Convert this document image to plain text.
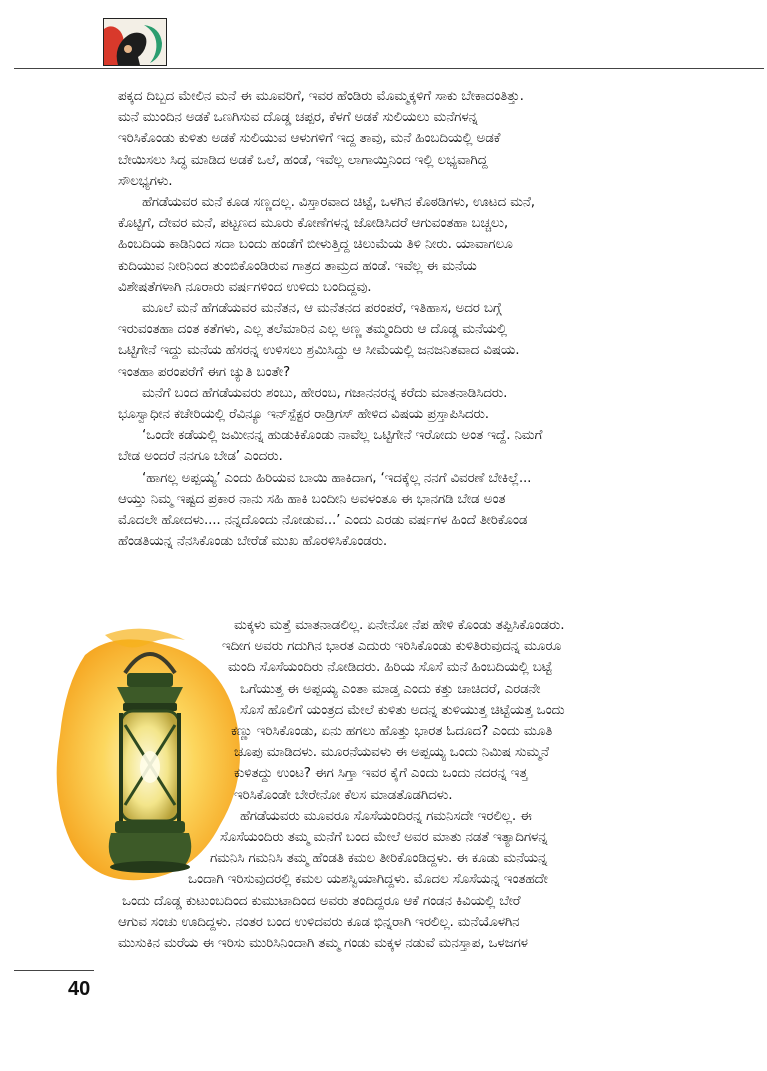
ಪಕ್ಕದ ದಿಬ್ಬದ ಮೇಲಿನ ಮನೆ ಈ ಮೂವರಿಗೆ, ಇವರ ಹೆಂಡಿರು ಮೊಮ್ಮಕ್ಕಳಿಗೆ ಸಾಕು ಬೇಕಾದಂತಿತ್ತು.
ಮನೆ ಮುಂದಿನ ಅಡಕೆ ಒಣಗಿಸುವ ದೊಡ್ಡ ಚಪ್ಪರ, ಕೆಳಗೆ ಅಡಕೆ ಸುಲಿಯಲು ಮನೆಗಳನ್ನ
ಇರಿಸಿಕೊಂಡು ಕುಳಿತು ಅಡಕೆ ಸುಲಿಯುವ ಆಳುಗಳಿಗೆ ಇದ್ದ ತಾವು, ಮನೆ ಹಿಂಬದಿಯಲ್ಲಿ ಅಡಕೆ
ಬೇಯಿಸಲು ಸಿದ್ಧ ಮಾಡಿದ ಅಡಕೆ ಒಲೆ, ಹಂಡೆ, ಇವೆಲ್ಲ ಲಾಗಾಯ್ತಿನಿಂದ ಇಲ್ಲಿ ಲಭ್ಯವಾಗಿದ್ದ
ಸೌಲಭ್ಯಗಳು.
ಹೆಗಡೆಯವರ ಮನೆ ಕೂಡ ಸಣ್ಣದಲ್ಲ. ವಿಸ್ತಾರವಾದ ಚಿಟ್ಟೆ, ಒಳಗಿನ ಕೊಠಡಿಗಳು, ಊಟದ ಮನೆ,
ಕೊಟ್ಟಿಗೆ, ದೇವರ ಮನೆ, ಪಟ್ಟಣದ ಮೂರು ಕೋಣೆಗಳನ್ನ ಜೋಡಿಸಿದರೆ ಆಗುವಂತಹಾ ಬಚ್ಚಲು,
ಹಿಂಬದಿಯ ಕಾಡಿನಿಂದ ಸದಾ ಬಂದು ಹಂಡೆಗೆ ಬೀಳುತ್ತಿದ್ದ ಚಿಲುಮೆಯ ತಿಳಿ ನೀರು. ಯಾವಾಗಲೂ
ಕುದಿಯುವ ನೀರಿನಿಂದ ತುಂಬಿಕೊಂಡಿರುವ ಗಾತ್ರದ ತಾಮ್ರದ ಹಂಡೆ. ಇವೆಲ್ಲ ಈ ಮನೆಯ
ವಿಶೇಷತೆಗಳಾಗಿ ನೂರಾರು ವರ್ಷಗಳಿಂದ ಉಳಿದು ಬಂದಿದ್ದವು.
ಮೂಲೆ ಮನೆ ಹೆಗಡೆಯವರ ಮನೆತನ, ಆ ಮನೆತನದ ಪರಂಪರೆ, ಇತಿಹಾಸ, ಅದರ ಬಗ್ಗೆ
ಇರುವಂತಹಾ ದಂತ ಕತೆಗಳು, ಎಲ್ಲ ತಲೆಮಾರಿನ ಎಲ್ಲ ಅಣ್ಣ ತಮ್ಮಂದಿರು ಆ ದೊಡ್ಡ ಮನೆಯಲ್ಲಿ
ಒಟ್ಟಿಗೇನೆ ಇದ್ದು ಮನೆಯ ಹೆಸರನ್ನ ಉಳಿಸಲು ಶ್ರಮಿಸಿದ್ದು ಆ ಸೀಮೆಯಲ್ಲಿ ಜನಜನಿತವಾದ ವಿಷಯ.
ಇಂತಹಾ ಪರಂಪರೆಗೆ ಈಗ ಚ್ಯುತಿ ಬಂತೇ?
ಮನೆಗೆ ಬಂದ ಹೆಗಡೆಯವರು ಶಂಬು, ಹೇರಂಬ, ಗಜಾನನರನ್ನ ಕರೆದು ಮಾತನಾಡಿಸಿದರು.
ಭೂಸ್ವಾಧೀನ ಕಚೇರಿಯಲ್ಲಿ ರೆವಿನ್ಯೂ ಇನ್‌ಸ್ಪೆಕ್ಟರ ರಾಡ್ರಿಗಸ್ ಹೇಳಿದ ವಿಷಯ ಪ್ರಸ್ತಾಪಿಸಿದರು.
‘ಒಂದೇ ಕಡೆಯಲ್ಲಿ ಜಮೀನನ್ನ ಹುಡುಕಿಕೊಂಡು ನಾವೆಲ್ಲ ಒಟ್ಟಿಗೇನೆ ಇರೋದು ಅಂತ ಇದ್ದೆ. ನಿಮಗೆ
ಬೇಡ ಅಂದರೆ ನನಗೂ ಬೇಡ’ ಎಂದರು.
‘ಹಾಗಲ್ಲ ಅಪ್ಪಯ್ಯ’ ಎಂದು ಹಿರಿಯವ ಬಾಯಿ ಹಾಕಿದಾಗ, ‘ಇದಕ್ಕೆಲ್ಲ ನನಗೆ ವಿವರಣೆ ಬೇಕಿಲ್ಲೆ...
ಆಯ್ತು ನಿಮ್ಮ ಇಷ್ಟದ ಪ್ರಕಾರ ನಾನು ಸಹಿ ಹಾಕಿ ಬಂದೀನಿ ಅವಳಂತೂ ಈ ಭಾನಗಡಿ ಬೇಡ ಅಂತ
ಮೊದಲೇ ಹೋದಳು.... ನನ್ನದೊಂದು ನೋಡುವ...’ ಎಂದು ಎರಡು ವರ್ಷಗಳ ಹಿಂದೆ ತೀರಿಕೊಂಡ
ಹೆಂಡತಿಯನ್ನ ನೆನಸಿಕೊಂಡು ಬೇರೆಡೆ ಮುಖ ಹೊರಳಿಸಿಕೊಂಡರು.
ಮಕ್ಕಳು ಮತ್ತೆ ಮಾತನಾಡಲಿಲ್ಲ. ಏನೇನೋ ನೆಪ ಹೇಳಿ ಕೊಂಡು ತಪ್ಪಿಸಿಕೊಂಡರು.
ಇದೀಗ ಅವರು ಗದುಗಿನ ಭಾರತ ಎದುರು ಇರಿಸಿಕೊಂಡು ಕುಳಿತಿರುವುದನ್ನ ಮೂರೂ
ಮಂದಿ ಸೊಸೆಯಂದಿರು ನೋಡಿದರು. ಹಿರಿಯ ಸೊಸೆ ಮನೆ ಹಿಂಬದಿಯಲ್ಲಿ ಬಟ್ಟೆ
ಒಗೆಯುತ್ತ ಈ ಅಪ್ಪಯ್ಯ ಎಂತಾ ಮಾಡ್ತ ಎಂದು ಕತ್ತು ಚಾಚಿದರೆ, ಎರಡನೇ
ಸೊಸೆ ಹೊಲಿಗೆ ಯಂತ್ರದ ಮೇಲೆ ಕುಳಿತು ಅದನ್ನ ತುಳಿಯುತ್ತ ಚಿಟ್ಟೆಯತ್ತ ಒಂದು
ಕಣ್ಣು ಇರಿಸಿಕೊಂಡು, ಏನು ಹಗಲು ಹೊತ್ತು ಭಾರತ ಓದೂದ? ಎಂದು ಮೂತಿ
ಚೂಪು ಮಾಡಿದಳು. ಮೂರನೆಯವಳು ಈ ಅಪ್ಪಯ್ಯ ಒಂದು ನಿಮಿಷ ಸುಮ್ಮನೆ
ಕುಳಿತದ್ದು ಉಂಟ? ಈಗ ಸಿಗ್ತಾ ಇವರ ಕೈಗೆ ಎಂದು ಒಂದು ನದರನ್ನ ಇತ್ತ
ಇರಿಸಿಕೊಂಡೇ ಬೇರೇನೋ ಕೆಲಸ ಮಾಡತೊಡಗಿದಳು.
ಹೆಗಡೆಯವರು ಮೂವರೂ ಸೊಸೆಯಂದಿರನ್ನ ಗಮನಿಸದೇ ಇರಲಿಲ್ಲ. ಈ
ಸೊಸೆಯಂದಿರು ತಮ್ಮ ಮನೆಗೆ ಬಂದ ಮೇಲೆ ಅವರ ಮಾತು ನಡತೆ ಇತ್ಯಾದಿಗಳನ್ನ
ಗಮನಿಸಿ ಗಮನಿಸಿ ತಮ್ಮ ಹೆಂಡತಿ ಕಮಲ ತೀರಿಕೊಂಡಿದ್ದಳು. ಈ ಕೂಡು ಮನೆಯನ್ನ
ಒಂದಾಗಿ ಇರಿಸುವುದರಲ್ಲಿ ಕಮಲ ಯಶಸ್ವಿಯಾಗಿದ್ದಳು. ಮೊದಲ ಸೊಸೆಯನ್ನ ಇಂತಹದೇ
ಒಂದು ದೊಡ್ಡ ಕುಟುಂಬದಿಂದ ಕುಮುಟಾದಿಂದ ಅವರು ತಂದಿದ್ದರೂ ಆಕೆ ಗಂಡನ ಕಿವಿಯಲ್ಲಿ ಬೇರೆ
ಆಗುವ ಸಂಚು ಊದಿದ್ದಳು. ನಂತರ ಬಂದ ಉಳಿದವರು ಕೂಡ ಭಿನ್ನರಾಗಿ ಇರಲಿಲ್ಲ. ಮನೆಯೊಳಗಿನ
ಮುಸುಕಿನ ಮರೆಯ ಈ ಇರಿಸು ಮುರಿಸಿನಿಂದಾಗಿ ತಮ್ಮ ಗಂಡು ಮಕ್ಕಳ ನಡುವೆ ಮನಸ್ತಾಪ, ಒಳಜಗಳ
40
